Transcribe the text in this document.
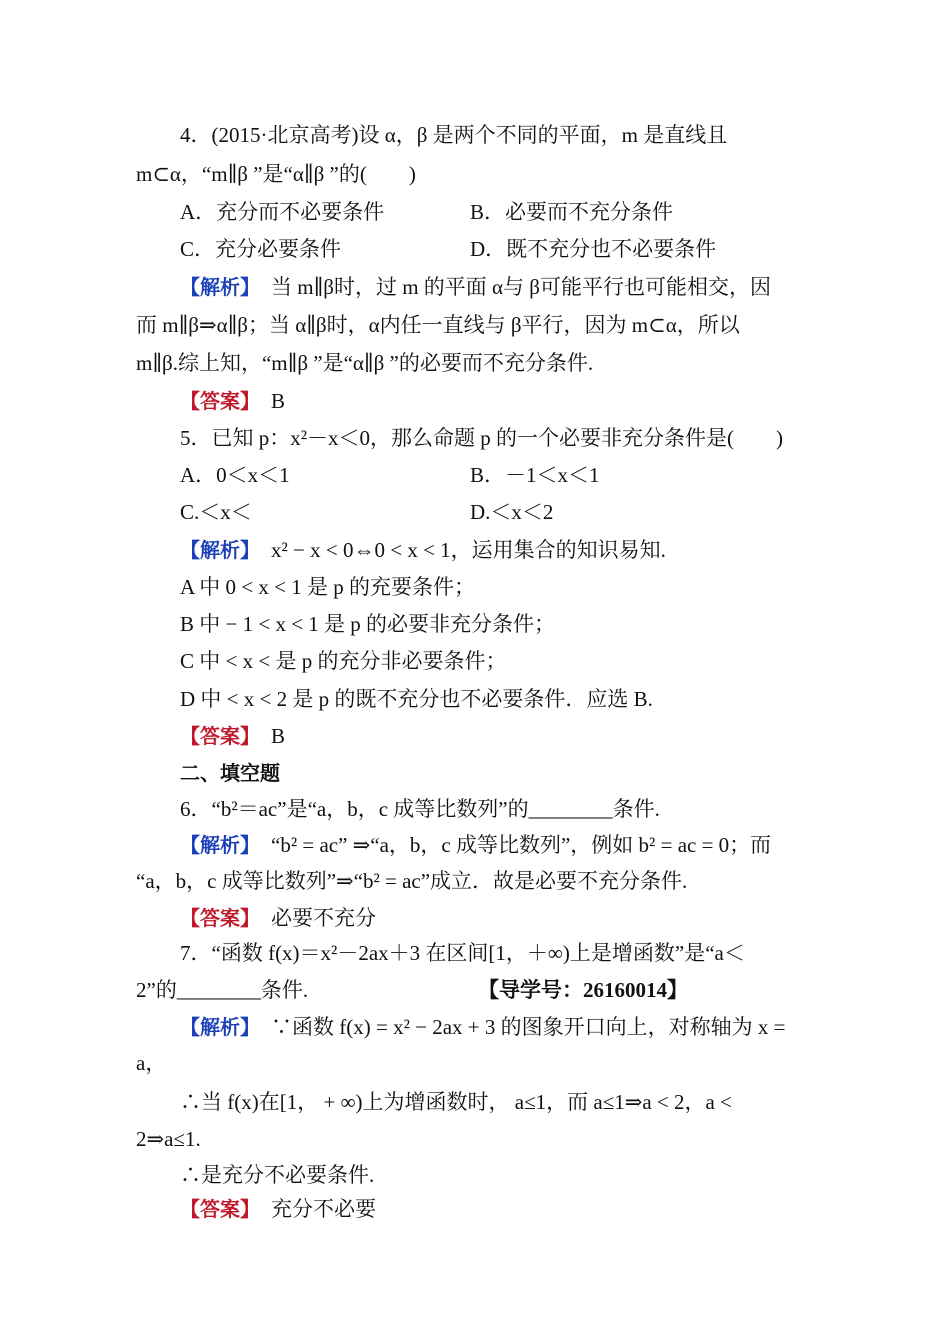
4．(2015·北京高考)设 α，β 是两个不同的平面，m 是直线且
m⊂α，“m∥β ”是“α∥β ”的(　　)
A．充分而不必要条件	B．必要而不充分条件
C．充分必要条件	D．既不充分也不必要条件
【解析】　当 m∥β时，过 m 的平面 α与 β可能平行也可能相交，因
而 m∥β⇒α∥β；当 α∥β时，α内任一直线与 β平行，因为 m⊂α，所以
m∥β.综上知，“m∥β ”是“α∥β ”的必要而不充分条件.
【答案】　B
5．已知 p：x²－x＜0，那么命题 p 的一个必要非充分条件是(　　)
A．0＜x＜1	B．－1＜x＜1
C.＜x＜	D.＜x＜2
【解析】　x² − x < 0⇔0 < x < 1，运用集合的知识易知.
A 中 0 < x < 1 是 p 的充要条件；
B 中 − 1 < x < 1 是 p 的必要非充分条件；
C 中 < x < 是 p 的充分非必要条件；
D 中 < x < 2 是 p 的既不充分也不必要条件．应选 B.
【答案】　B
二、填空题
6．“b²＝ac”是“a，b，c 成等比数列”的________条件.
【解析】　“b² = ac” ⇒“a，b，c 成等比数列”，例如 b² = ac = 0；而
“a，b，c 成等比数列”⇒“b² = ac”成立．故是必要不充分条件.
【答案】　必要不充分
7．“函数 f(x)＝x²－2ax＋3 在区间[1，＋∞)上是增函数”是“a＜
2”的________条件.	【导学号：26160014】
【解析】　∵函数 f(x) = x² − 2ax + 3 的图象开口向上，对称轴为 x =
a，
∴当 f(x)在[1， + ∞)上为增函数时， a≤1，而 a≤1⇒a < 2，a <
2⇒a≤1.
∴是充分不必要条件.
【答案】　充分不必要
